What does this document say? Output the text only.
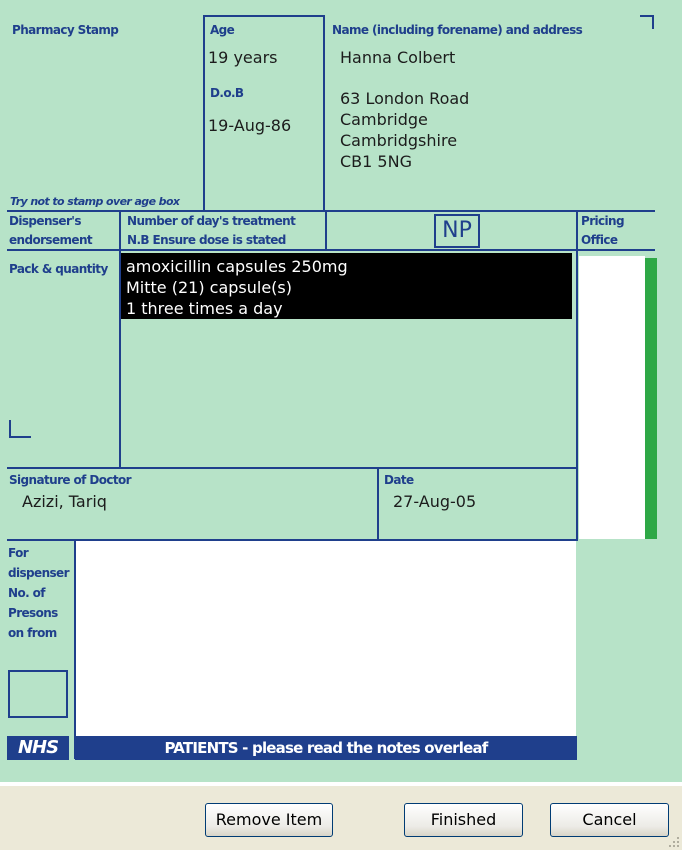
Pharmacy Stamp
Try not to stamp over age box
Age
19 years
D.o.B
19-Aug-86
Name (including forename) and address
Hanna Colbert
63 London Road
Cambridge
Cambridgshire
CB1 5NG
Dispenser's
endorsement
Number of day's treatment
N.B Ensure dose is stated	NP	Pricing
Office
Pack & quantity	amoxicillin capsules 250mg
Mitte (21) capsule(s)
1 three times a day
Signature of Doctor
Azizi, Tariq
Date
27-Aug-05
For
dispenser
No. of
Presons
on from
NHS	PATIENTS - please read the notes overleaf
Remove Item	Finished	Cancel
